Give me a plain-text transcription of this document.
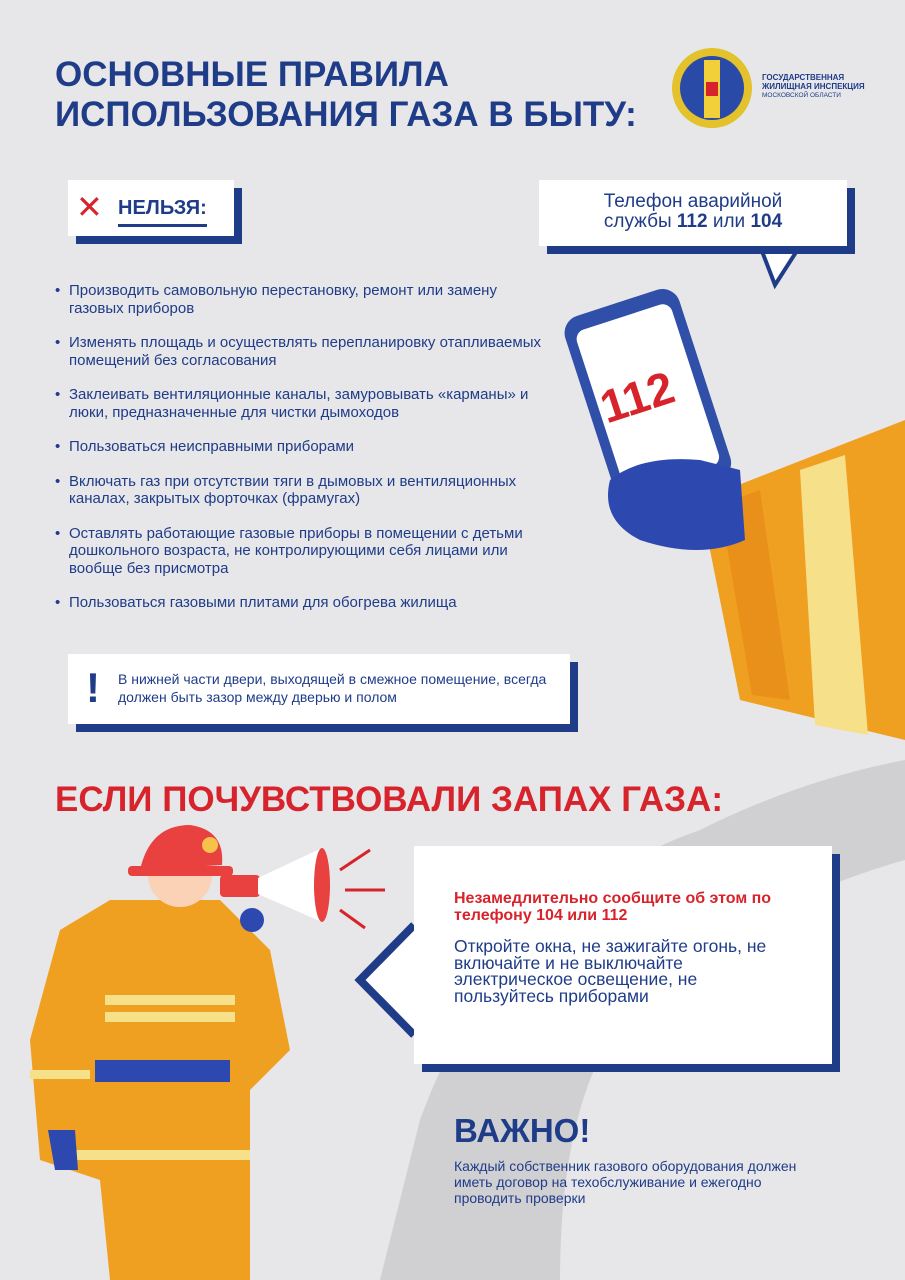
ОСНОВНЫЕ ПРАВИЛА
ИСПОЛЬЗОВАНИЯ ГАЗА В БЫТУ:
ГОСУДАРСТВЕННАЯ
ЖИЛИЩНАЯ ИНСПЕКЦИЯ
МОСКОВСКОЙ ОБЛАСТИ
✕ НЕЛЬЗЯ:	Телефон аварийной
службы 112 или 104
112
• Производить самовольную перестановку, ремонт или замену газовых приборов
• Изменять площадь и осуществлять перепланировку отапливаемых помещений без согласования
• Заклеивать вентиляционные каналы, замуровывать «карманы» и люки, предназначенные для чистки дымоходов
• Пользоваться неисправными приборами
• Включать газ при отсутствии тяги в дымовых и вентиляционных каналах, закрытых форточках (фрамугах)
• Оставлять работающие газовые приборы в помещении с детьми дошкольного возраста, не контролирующими себя лицами или вообще без присмотра
• Пользоваться газовыми плитами для обогрева жилища
! В нижней части двери, выходящей в смежное помещение, всегда должен быть зазор между дверью и полом
ЕСЛИ ПОЧУВСТВОВАЛИ ЗАПАХ ГАЗА:
Незамедлительно сообщите об этом по телефону 104 или 112
Откройте окна, не зажигайте огонь, не включайте и не выключайте электрическое освещение, не пользуйтесь приборами
ВАЖНО!
Каждый собственник газового оборудования должен иметь договор на техобслуживание и ежегодно проводить проверки
